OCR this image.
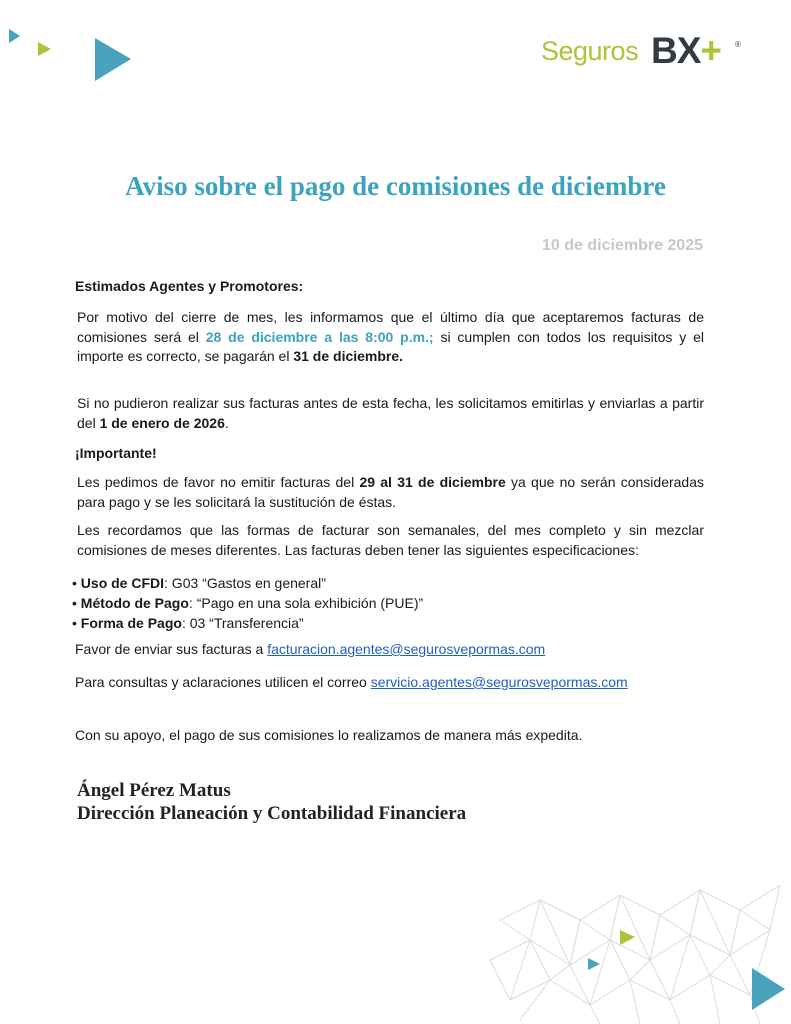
Seguros BX+ ®
Aviso sobre el pago de comisiones de diciembre
10 de diciembre 2025
Estimados Agentes y Promotores:
Por motivo del cierre de mes, les informamos que el último día que aceptaremos facturas de comisiones será el 28 de diciembre a las 8:00 p.m.; si cumplen con todos los requisitos y el importe es correcto, se pagarán el 31 de diciembre.
Si no pudieron realizar sus facturas antes de esta fecha, les solicitamos emitirlas y enviarlas a partir del 1 de enero de 2026.
¡Importante!
Les pedimos de favor no emitir facturas del 29 al 31 de diciembre ya que no serán consideradas para pago y se les solicitará la sustitución de éstas.
Les recordamos que las formas de facturar son semanales, del mes completo y sin mezclar comisiones de meses diferentes. Las facturas deben tener las siguientes especificaciones:
• Uso de CFDI: G03 “Gastos en general”
• Método de Pago: “Pago en una sola exhibición (PUE)”
• Forma de Pago: 03 “Transferencia”
Favor de enviar sus facturas a facturacion.agentes@segurosvepormas.com
Para consultas y aclaraciones utilicen el correo servicio.agentes@segurosvepormas.com
Con su apoyo, el pago de sus comisiones lo realizamos de manera más expedita.
Ángel Pérez Matus
Dirección Planeación y Contabilidad Financiera
